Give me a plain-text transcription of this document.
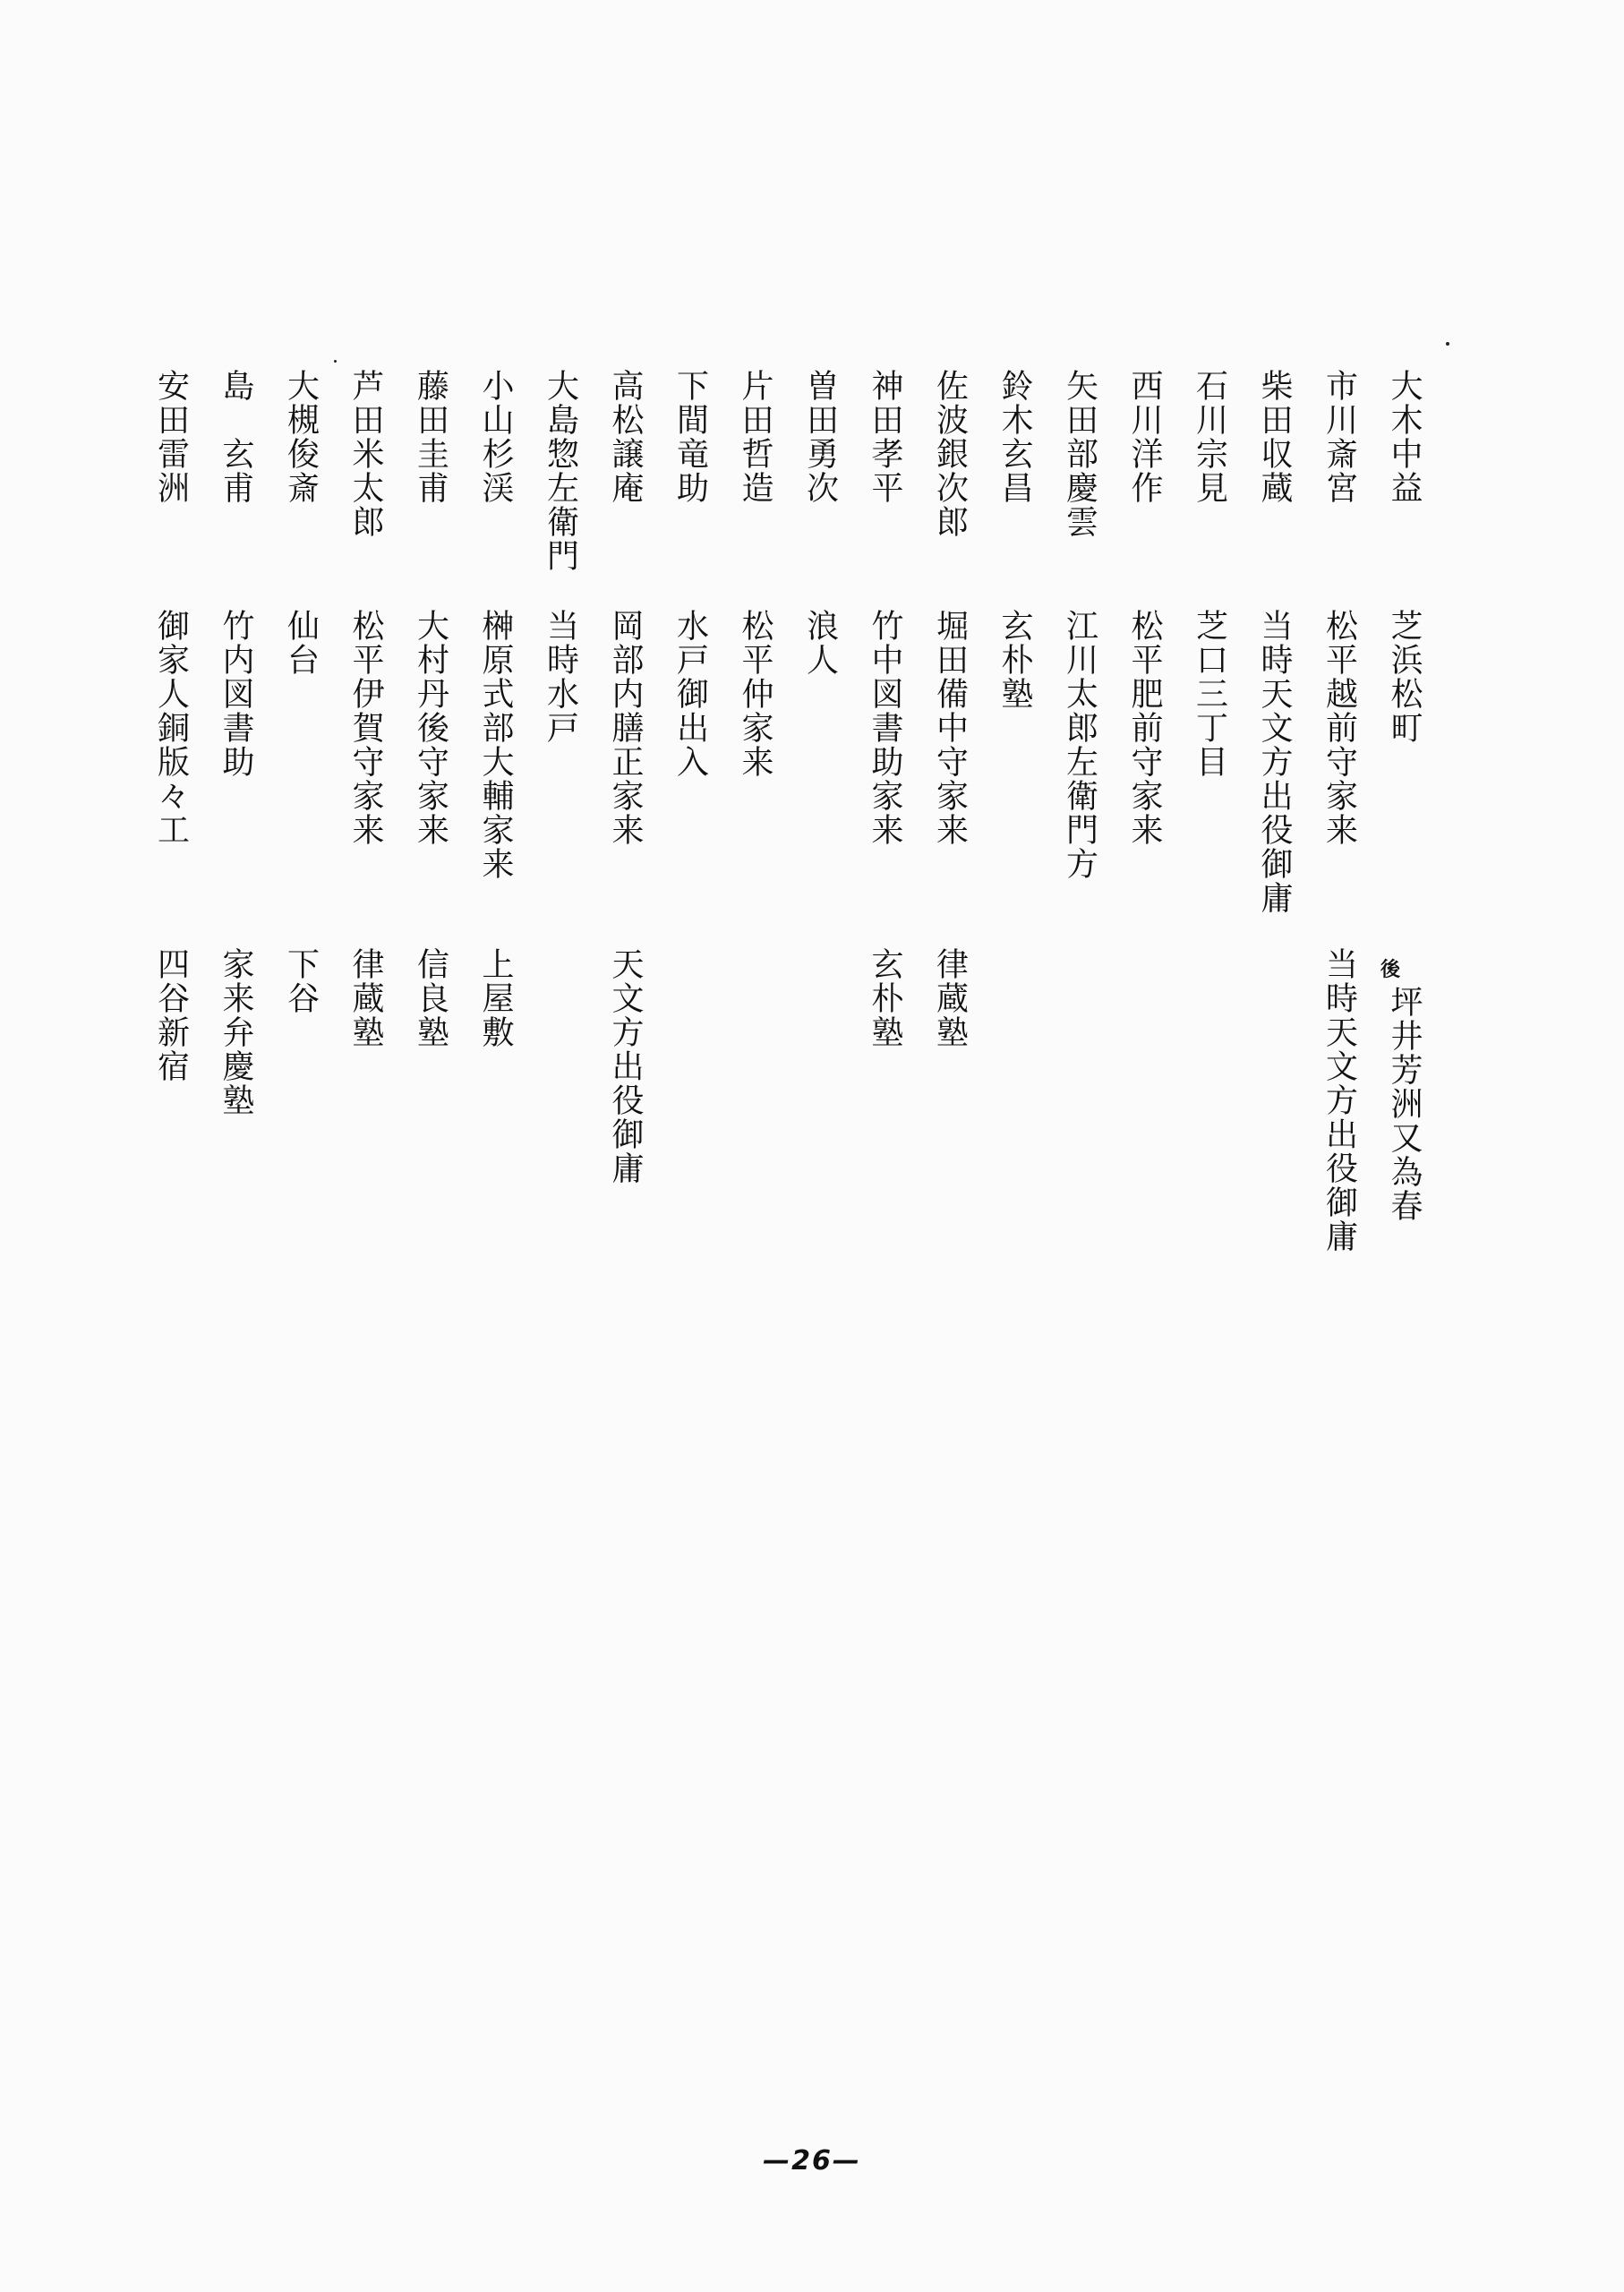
大木中益
芝浜松町
坪井芳洲又為春
後
市川斎宮
松平越前守家来
当時天文方出役御庸
柴田収蔵
当時天文方出役御庸
石川宗見
芝口三丁目
西川洋作
松平肥前守家来
矢田部慶雲
江川太郎左衛門方
鈴木玄昌
玄朴塾
佐波銀次郎
堀田備中守家来
律蔵塾
神田孝平
竹中図書助家来
玄朴塾
曽田勇次
浪人
片田哲造
松平仲家来
下間竜助
水戸御出入
高松譲庵
岡部内膳正家来
天文方出役御庸
大島惣左衛門
当時水戸
小山杉渓
榊原式部大輔家来
上屋敷
藤田圭甫
大村丹後守家来
信良塾
芦田米太郎
松平伊賀守家来
律蔵塾
大槻俊斎
仙台
下谷
島　玄甫
竹内図書助
家来弁慶塾
安田雷洲
御家人銅版々工
四谷新宿
—26—
